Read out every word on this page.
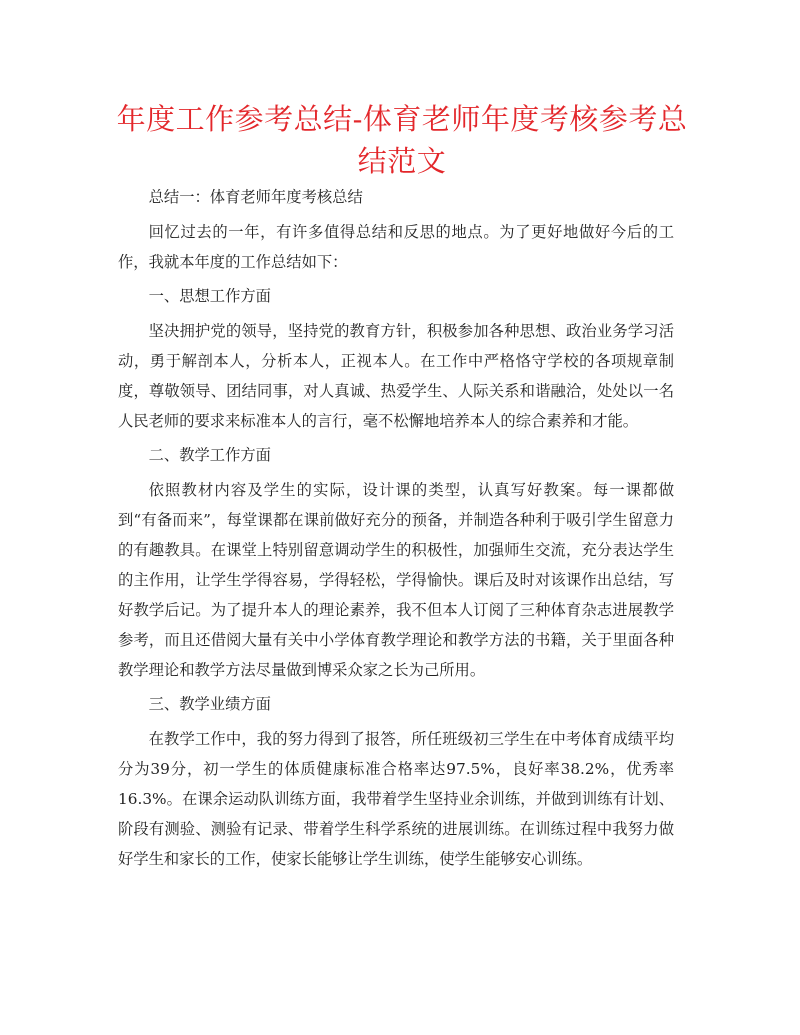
年度工作参考总结-体育老师年度考核参考总结范文

总结一：体育老师年度考核总结

回忆过去的一年，有许多值得总结和反思的地点。为了更好地做好今后的工作，我就本年度的工作总结如下：

一、思想工作方面

坚决拥护党的领导，坚持党的教育方针，积极参加各种思想、政治业务学习活动，勇于解剖本人，分析本人，正视本人。在工作中严格恪守学校的各项规章制度，尊敬领导、团结同事，对人真诚、热爱学生、人际关系和谐融洽，处处以一名人民老师的要求来标准本人的言行，毫不松懈地培养本人的综合素养和才能。

二、教学工作方面

依照教材内容及学生的实际，设计课的类型，认真写好教案。每一课都做到“有备而来”，每堂课都在课前做好充分的预备，并制造各种利于吸引学生留意力的有趣教具。在课堂上特别留意调动学生的积极性，加强师生交流，充分表达学生的主作用，让学生学得容易，学得轻松，学得愉快。课后及时对该课作出总结，写好教学后记。为了提升本人的理论素养，我不但本人订阅了三种体育杂志进展教学参考，而且还借阅大量有关中小学体育教学理论和教学方法的书籍，关于里面各种教学理论和教学方法尽量做到博采众家之长为己所用。

三、教学业绩方面

在教学工作中，我的努力得到了报答，所任班级初三学生在中考体育成绩平均分为39分，初一学生的体质健康标准合格率达97.5%，良好率38.2%，优秀率16.3%。在课余运动队训练方面，我带着学生坚持业余训练，并做到训练有计划、阶段有测验、测验有记录、带着学生科学系统的进展训练。在训练过程中我努力做好学生和家长的工作，使家长能够让学生训练，使学生能够安心训练。
